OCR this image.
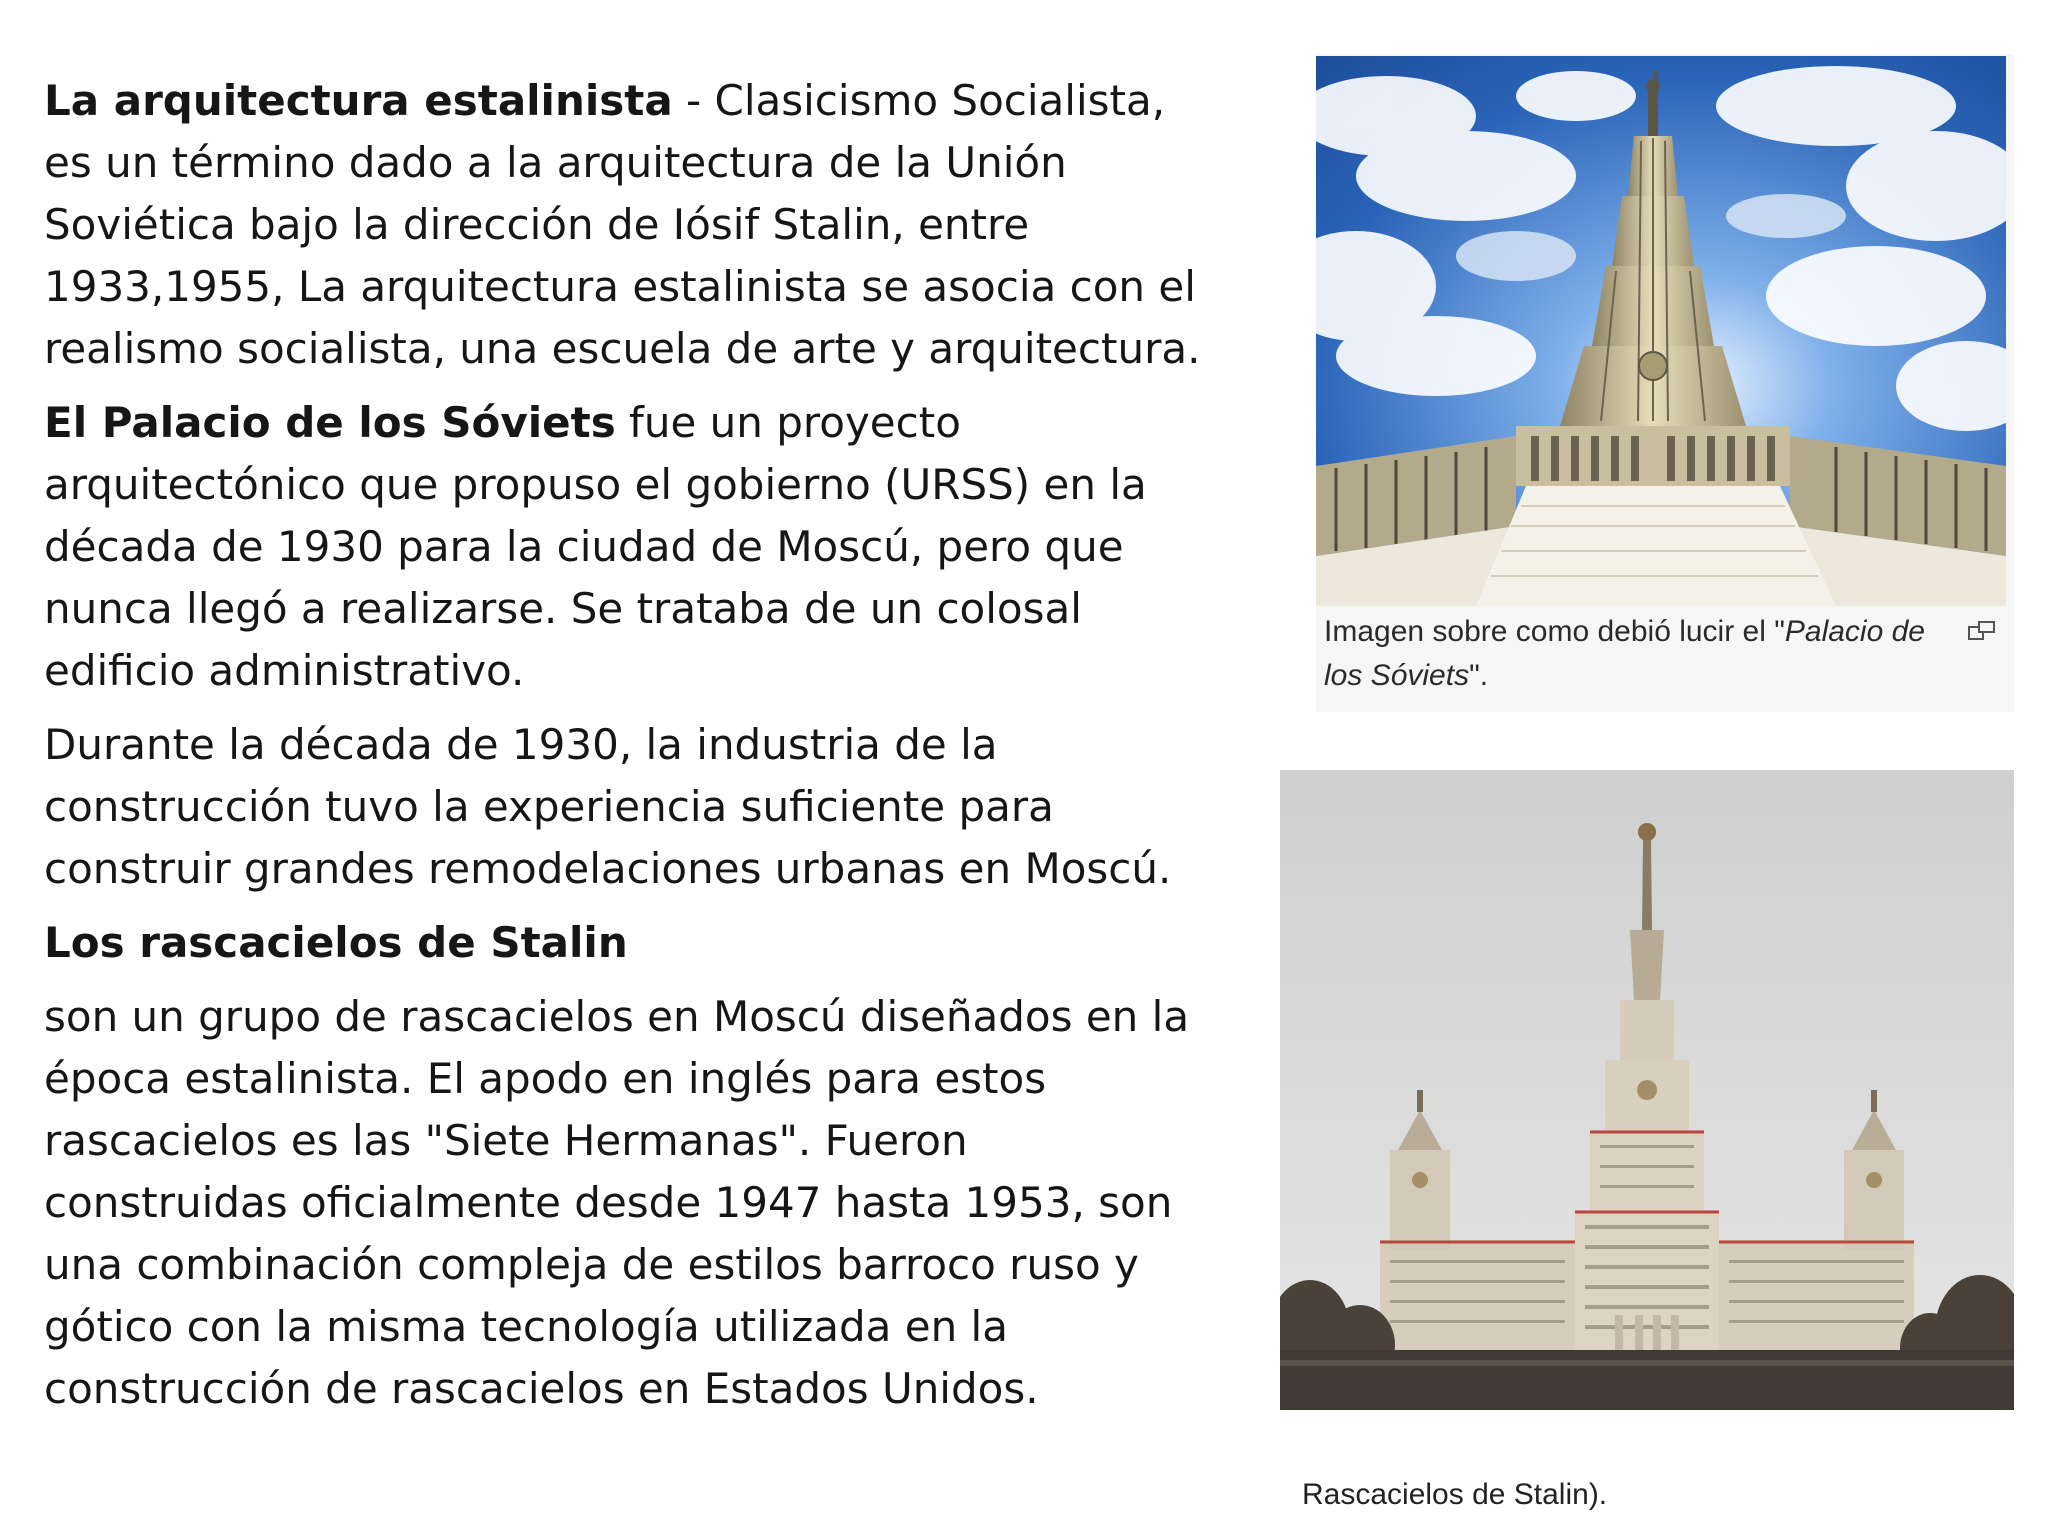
La arquitectura estalinista - Clasicismo Socialista, es un término dado a la arquitectura de la Unión Soviética bajo la dirección de Iósif Stalin, entre 1933,1955, La arquitectura estalinista se asocia con el realismo socialista, una escuela de arte y arquitectura.

El Palacio de los Sóviets fue un proyecto arquitectónico que propuso el gobierno (URSS) en la década de 1930 para la ciudad de Moscú, pero que nunca llegó a realizarse. Se trataba de un colosal edificio administrativo.

Durante la década de 1930, la industria de la construcción tuvo la experiencia suficiente para construir grandes remodelaciones urbanas en Moscú.

Los rascacielos de Stalin

son un grupo de rascacielos en Moscú diseñados en la época estalinista. El apodo en inglés para estos rascacielos es las "Siete Hermanas". Fueron construidas oficialmente desde 1947 hasta 1953, son una combinación compleja de estilos barroco ruso y gótico con la misma tecnología utilizada en la construcción de rascacielos en Estados Unidos.

Imagen sobre como debió lucir el "Palacio de los Sóviets".
Rascacielos de Stalin).
